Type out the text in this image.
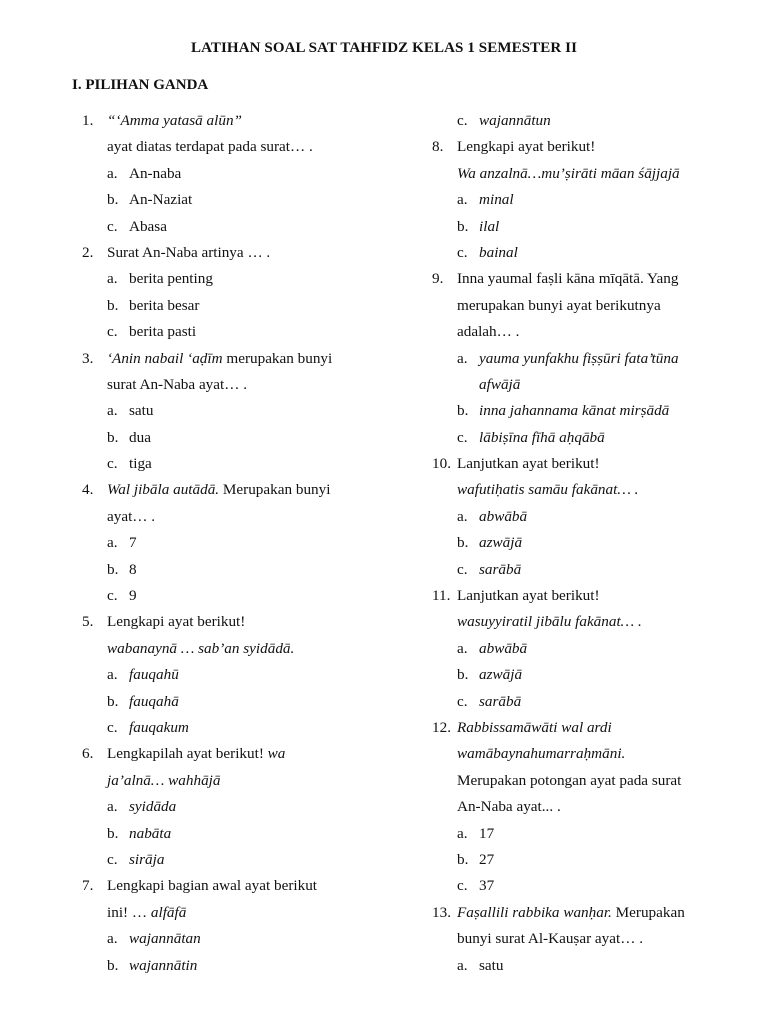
LATIHAN SOAL SAT TAHFIDZ KELAS 1 SEMESTER II
I. PILIHAN GANDA
1. “‘Amma yatasā alūn”
ayat diatas terdapat pada surat… .
a. An-naba
b. An-Naziat
c. Abasa
2. Surat An-Naba artinya … .
a. berita penting
b. berita besar
c. berita pasti
3. ‘Anin nabail ‘aḍīm merupakan bunyi
surat An-Naba ayat… .
a. satu
b. dua
c. tiga
4. Wal jibāla autādā. Merupakan bunyi
ayat… .
a. 7
b. 8
c. 9
5. Lengkapi ayat berikut!
wabanaynā … sab’an syidādā.
a. fauqahū
b. fauqahā
c. fauqakum
6. Lengkapilah ayat berikut! wa
ja’alnā… wahhājā
a. syidāda
b. nabāta
c. sirāja
7. Lengkapi bagian awal ayat berikut
ini! … alfāfā
a. wajannātan
b. wajannātin
c. wajannātun
8. Lengkapi ayat berikut!
Wa anzalnā…mu’ṣirāti māan śājjajā
a. minal
b. ilal
c. bainal
9. Inna yaumal faṣli kāna mīqātā. Yang
merupakan bunyi ayat berikutnya
adalah… .
a. yauma yunfakhu fiṣṣūri fata’tūna
afwājā
b. inna jahannama kānat mirṣādā
c. lābiṣīna fīhā aḥqābā
10. Lanjutkan ayat berikut!
wafutiḥatis samāu fakānat… .
a. abwābā
b. azwājā
c. sarābā
11. Lanjutkan ayat berikut!
wasuyyiratil jibālu fakānat… .
a. abwābā
b. azwājā
c. sarābā
12. Rabbissamāwāti wal ardi
wamābaynahumarraḥmāni.
Merupakan potongan ayat pada surat
An-Naba ayat... .
a. 17
b. 27
c. 37
13. Faṣallili rabbika wanḥar. Merupakan
bunyi surat Al-Kauṣar ayat… .
a. satu
